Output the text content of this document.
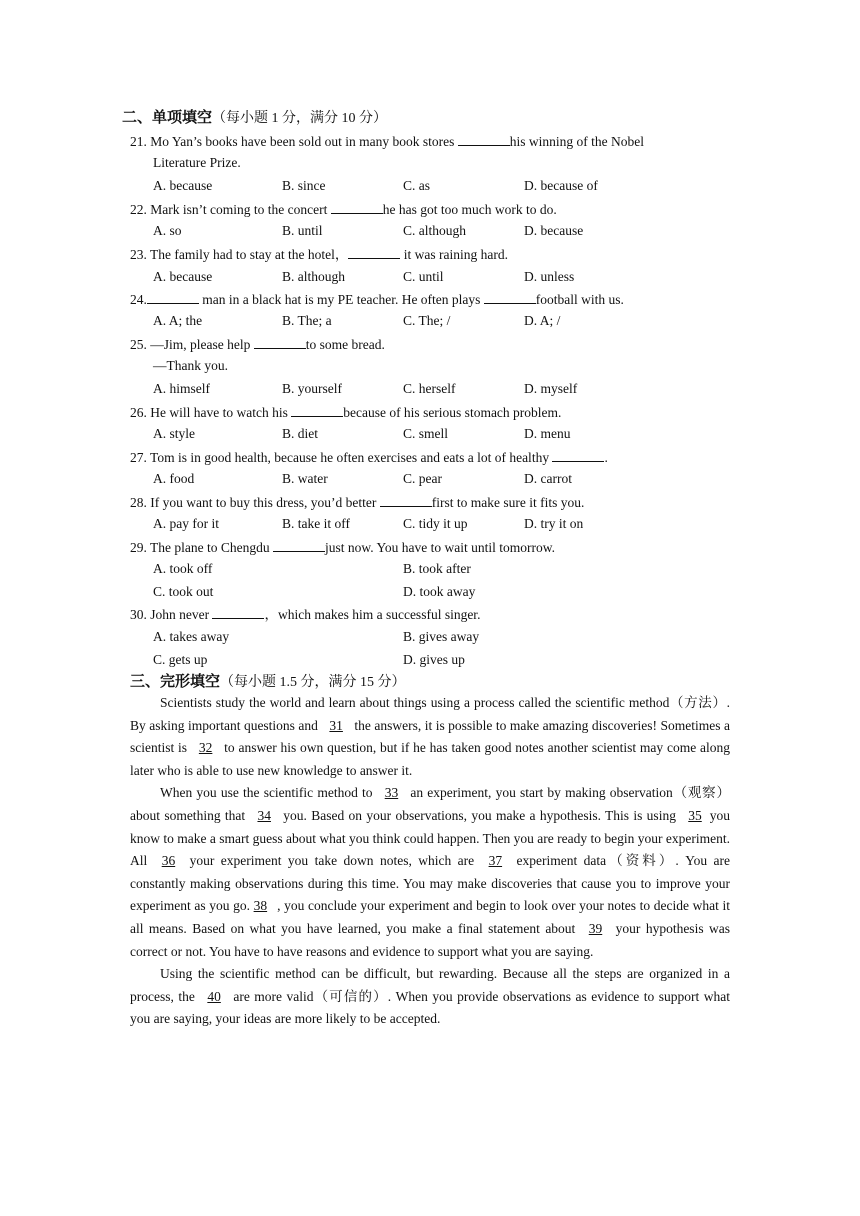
二、单项填空（每小题 1 分，满分 10 分）
21. Mo Yan’s books have been sold out in many book stores	his winning of the Nobel
Literature Prize.
A. because	B. since	C. as	D. because of
22. Mark isn’t coming to the concert	he has got too much work to do.
A. so	B. until	C. although	D. because
23. The family had to stay at the hotel，	it was raining hard.
A. because	B. although	C. until	D. unless
24.	man in a black hat is my PE teacher. He often plays	football with us.
A. A; the	B. The; a	C. The; /	D. A; /
25. —Jim, please help	to some bread.
—Thank you.
A. himself	B. yourself	C. herself	D. myself
26. He will have to watch his	because of his serious stomach problem.
A. style	B. diet	C. smell	D. menu
27. Tom is in good health, because he often exercises and eats a lot of healthy	.
A. food	B. water	C. pear	D. carrot
28. If you want to buy this dress, you’d better	first to make sure it fits you.
A. pay for it	B. take it off	C. tidy it up	D. try it on
29. The plane to Chengdu	just now. You have to wait until tomorrow.
A. took off	B. took after
C. took out	D. took away
30. John never	，which makes him a successful singer.
A. takes away	B. gives away
C. gets up	D. gives up
三、完形填空（每小题 1.5 分，满分 15 分）

Scientists study the world and learn about things using a process called the scientific method（方法）. By asking important questions and 31 the answers, it is possible to make amazing discoveries! Sometimes a scientist is 32 to answer his own question, but if he has taken good notes another scientist may come along later who is able to use new knowledge to answer it.

When you use the scientific method to 33 an experiment, you start by making observation（观察）about something that 34 you. Based on your observations, you make a hypothesis. This is using 35 you know to make a smart guess about what you think could happen. Then you are ready to begin your experiment. All 36 your experiment you take down notes, which are 37 experiment data（资料）. You are constantly making observations during this time. You may make discoveries that cause you to improve your experiment as you go. 38 , you conclude your experiment and begin to look over your notes to decide what it all means. Based on what you have learned, you make a final statement about 39 your hypothesis was correct or not. You have to have reasons and evidence to support what you are saying.

Using the scientific method can be difficult, but rewarding. Because all the steps are organized in a process, the 40 are more valid（可信的）. When you provide observations as evidence to support what you are saying, your ideas are more likely to be accepted.
